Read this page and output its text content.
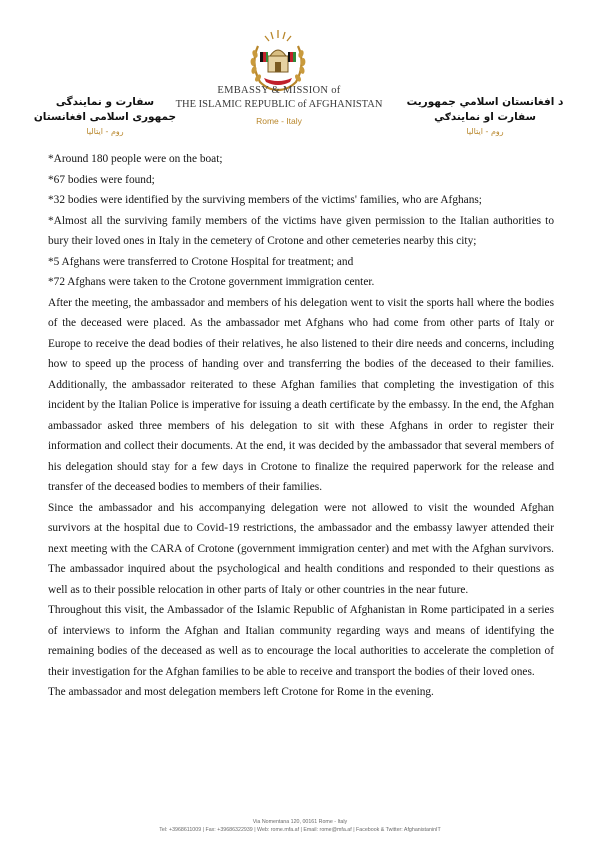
سفارت و نمایندگی
جمهوری اسلامی افغانستان
روم - ایتالیا
EMBASSY & MISSION of
THE ISLAMIC REPUBLIC of AFGHANISTAN
Rome - Italy
د افغانستان اسلامي جمهوریت
سفارت او نمایندګي
روم - ایتالیا

*Around 180 people were on the boat;

*67 bodies were found;

*32 bodies were identified by the surviving members of the victims' families, who are Afghans;

*Almost all the surviving family members of the victims have given permission to the Italian authorities to bury their loved ones in Italy in the cemetery of Crotone and other cemeteries nearby this city;

*5 Afghans were transferred to Crotone Hospital for treatment; and

*72 Afghans were taken to the Crotone government immigration center.

After the meeting, the ambassador and members of his delegation went to visit the sports hall where the bodies of the deceased were placed. As the ambassador met Afghans who had come from other parts of Italy or Europe to receive the dead bodies of their relatives, he also listened to their dire needs and concerns, including how to speed up the process of handing over and transferring the bodies of the deceased to their families. Additionally, the ambassador reiterated to these Afghan families that completing the investigation of this incident by the Italian Police is imperative for issuing a death certificate by the embassy. In the end, the Afghan ambassador asked three members of his delegation to sit with these Afghans in order to register their information and collect their documents. At the end, it was decided by the ambassador that several members of his delegation should stay for a few days in Crotone to finalize the required paperwork for the release and transfer of the deceased bodies to members of their families.

Since the ambassador and his accompanying delegation were not allowed to visit the wounded Afghan survivors at the hospital due to Covid-19 restrictions, the ambassador and the embassy lawyer attended their next meeting with the CARA of Crotone (government immigration center) and met with the Afghan survivors. The ambassador inquired about the psychological and health conditions and responded to their questions as well as to their possible relocation in other parts of Italy or other countries in the near future.

Throughout this visit, the Ambassador of the Islamic Republic of Afghanistan in Rome participated in a series of interviews to inform the Afghan and Italian community regarding ways and means of identifying the remaining bodies of the deceased as well as to encourage the local authorities to accelerate the completion of their investigation for the Afghan families to be able to receive and transport the bodies of their loved ones.

The ambassador and most delegation members left Crotone for Rome in the evening.

Via Nomentana 120, 00161 Rome - Italy
Tel: +3968611009 | Fax: +39686322939 | Web: rome.mfa.af | Email: rome@mfa.af | Facebook & Twitter: AfghanistaninIT
